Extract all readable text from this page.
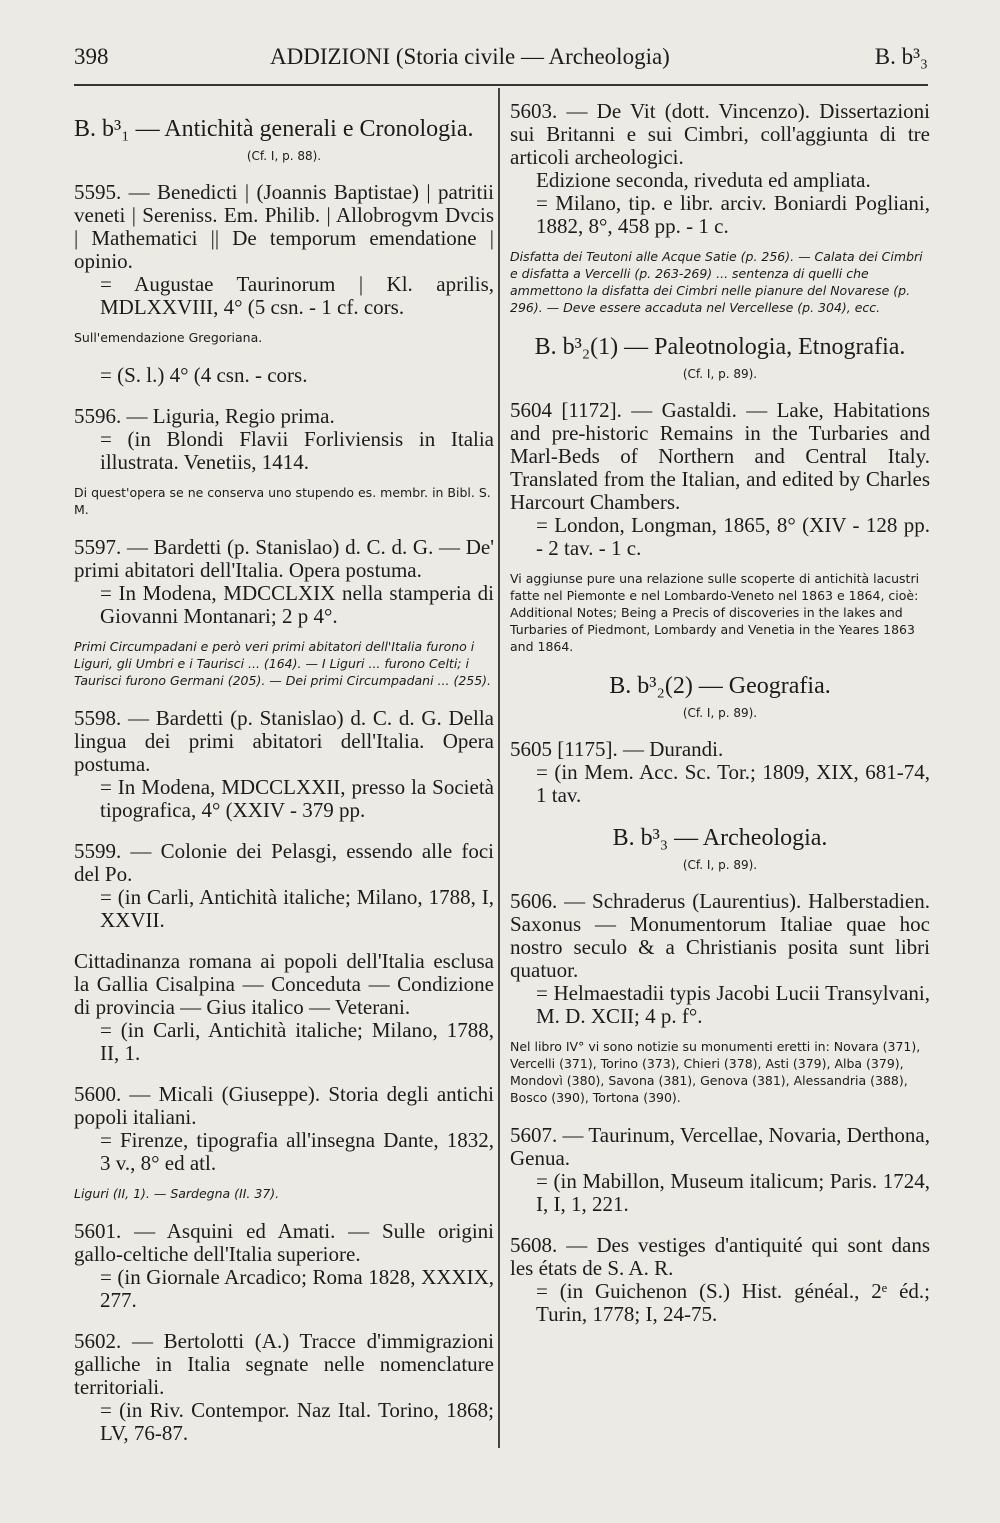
398	ADDIZIONI (Storia civile — Archeologia)	B. b³₃
B. b³₁ — Antichità generali e Cronologia.
(Cf. I, p. 88).
5595. — Benedicti | (Joannis Baptistae) | patritii veneti | Sereniss. Em. Philib. | Allobrogvm Dvcis | Mathematici || De temporum emendatione | opinio.
= Augustae Taurinorum | Kl. aprilis, MDLXXVIII, 4° (5 csn. - 1 cf. cors.
Sull'emendazione Gregoriana.
= (S. l.) 4° (4 csn. - cors.
5596. — Liguria, Regio prima.
= (in Blondi Flavii Forliviensis in Italia illustrata. Venetiis, 1414.
Di quest'opera se ne conserva uno stupendo es. membr. in Bibl. S. M.
5597. — Bardetti (p. Stanislao) d. C. d. G. — De' primi abitatori dell'Italia. Opera postuma.
= In Modena, MDCCLXIX nella stamperia di Giovanni Montanari; 2 p 4°.
Primi Circumpadani e però veri primi abitatori dell'Italia furono i Liguri, gli Umbri e i Taurisci ... (164). — I Liguri ... furono Celti; i Taurisci furono Germani (205). — Dei primi Circumpadani ... (255).
5598. — Bardetti (p. Stanislao) d. C. d. G. Della lingua dei primi abitatori dell'Italia. Opera postuma.
= In Modena, MDCCLXXII, presso la Società tipografica, 4° (XXIV - 379 pp.
5599. — Colonie dei Pelasgi, essendo alle foci del Po.
= (in Carli, Antichità italiche; Milano, 1788, I, XXVII.
Cittadinanza romana ai popoli dell'Italia esclusa la Gallia Cisalpina — Conceduta — Condizione di provincia — Gius italico — Veterani.
= (in Carli, Antichità italiche; Milano, 1788, II, 1.
5600. — Micali (Giuseppe). Storia degli antichi popoli italiani.
= Firenze, tipografia all'insegna Dante, 1832, 3 v., 8° ed atl.
Liguri (II, 1). — Sardegna (II. 37).
5601. — Asquini ed Amati. — Sulle origini gallo-celtiche dell'Italia superiore.
= (in Giornale Arcadico; Roma 1828, XXXIX, 277.
5602. — Bertolotti (A.) Tracce d'immigrazioni galliche in Italia segnate nelle nomenclature territoriali.
= (in Riv. Contempor. Naz Ital. Torino, 1868; LV, 76-87.
5603. — De Vit (dott. Vincenzo). Dissertazioni sui Britanni e sui Cimbri, coll'aggiunta di tre articoli archeologici.
Edizione seconda, riveduta ed ampliata.
= Milano, tip. e libr. arciv. Boniardi Pogliani, 1882, 8°, 458 pp. - 1 c.
Disfatta dei Teutoni alle Acque Satie (p. 256). — Calata dei Cimbri e disfatta a Vercelli (p. 263-269) ... sentenza di quelli che ammettono la disfatta dei Cimbri nelle pianure del Novarese (p. 296). — Deve essere accaduta nel Vercellese (p. 304), ecc.
B. b³₂(1) — Paleotnologia, Etnografia.
(Cf. I, p. 89).
5604 [1172]. — Gastaldi. — Lake, Habitations and pre-historic Remains in the Turbaries and Marl-Beds of Northern and Central Italy. Translated from the Italian, and edited by Charles Harcourt Chambers.
= London, Longman, 1865, 8° (XIV - 128 pp. - 2 tav. - 1 c.
Vi aggiunse pure una relazione sulle scoperte di antichità lacustri fatte nel Piemonte e nel Lombardo-Veneto nel 1863 e 1864, cioè: Additional Notes; Being a Precis of discoveries in the lakes and Turbaries of Piedmont, Lombardy and Venetia in the Yeares 1863 and 1864.
B. b³₂(2) — Geografia.
(Cf. I, p. 89).
5605 [1175]. — Durandi.
= (in Mem. Acc. Sc. Tor.; 1809, XIX, 681-74, 1 tav.
B. b³₃ — Archeologia.
(Cf. I, p. 89).
5606. — Schraderus (Laurentius). Halberstadien. Saxonus — Monumentorum Italiae quae hoc nostro seculo & a Christianis posita sunt libri quatuor.
= Helmaestadii typis Jacobi Lucii Transylvani, M. D. XCII; 4 p. f°.
Nel libro IV° vi sono notizie su monumenti eretti in: Novara (371), Vercelli (371), Torino (373), Chieri (378), Asti (379), Alba (379), Mondovì (380), Savona (381), Genova (381), Alessandria (388), Bosco (390), Tortona (390).
5607. — Taurinum, Vercellae, Novaria, Derthona, Genua.
= (in Mabillon, Museum italicum; Paris. 1724, I, I, 1, 221.
5608. — Des vestiges d'antiquité qui sont dans les états de S. A. R.
= (in Guichenon (S.) Hist. généal., 2ᵉ éd.; Turin, 1778; I, 24-75.
